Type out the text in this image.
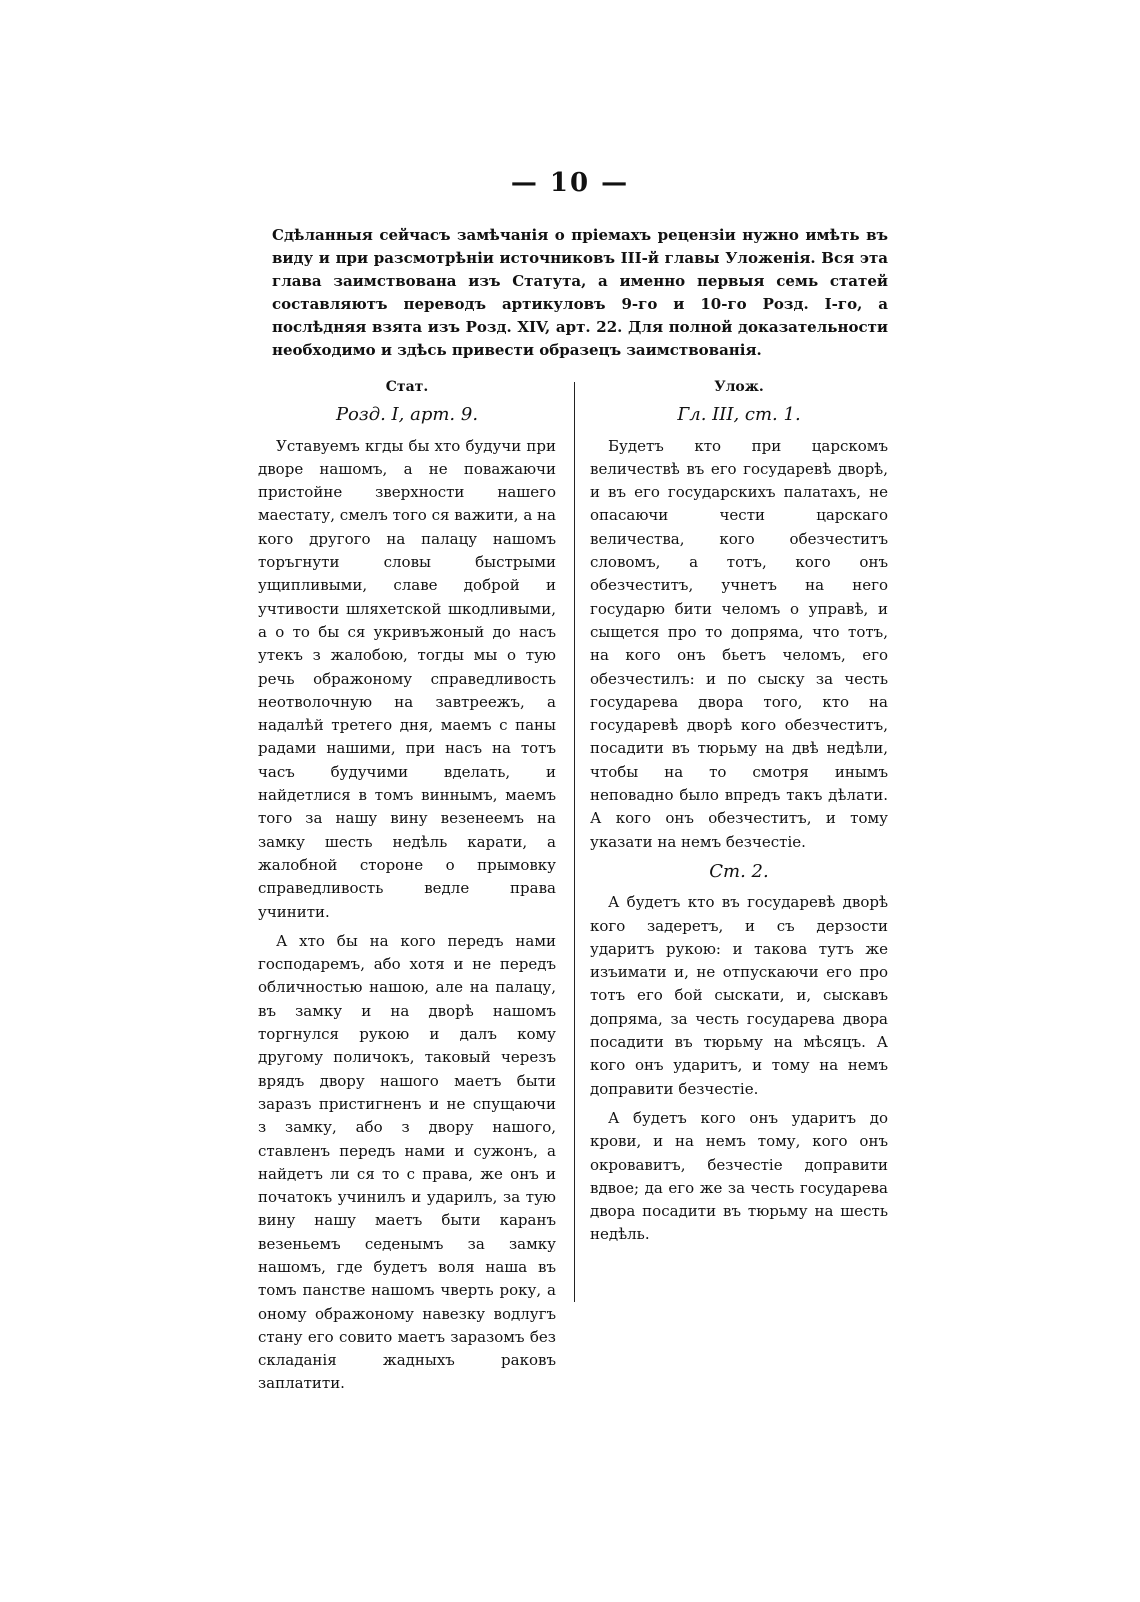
— 10 —

Сдѣланныя сейчасъ замѣчанія о пріемахъ рецензіи нужно имѣть въ виду и при разсмотрѣніи источниковъ III-й главы Уложенія. Вся эта глава заимствована изъ Статута, а именно первыя семь статей составляютъ переводъ артикуловъ 9-го и 10-го Розд. I-го, а послѣдняя взята изъ Розд. XIV, арт. 22. Для полной доказательности необходимо и здѣсь привести образецъ заимствованія.

Стат.
Розд. I, арт. 9.

Уставуемъ кгды бы хто будучи при дворе нашомъ, а не поважаючи пристойне зверхности нашего маестату, смелъ того ся важити, а на кого другого на палацу нашомъ торъгнути словы быстрыми ущипливыми, славе доброй и учтивости шляхетской шкодливыми, а о то бы ся укривъжоный до насъ утекъ з жалобою, тогды мы о тую речь ображоному справедливость неотволочную на завтреежъ, а надалѣй третего дня, маемъ с паны радами нашими, при насъ на тотъ часъ будучими вделать, и найдетлися в томъ виннымъ, маемъ того за нашу вину везенеемъ на замку шесть недѣль карати, а жалобной стороне о прымовку справедливость ведле права учинити.

А хто бы на кого передъ нами господаремъ, або хотя и не передъ обличностью нашою, але на палацу, въ замку и на дворѣ нашомъ торгнулся рукою и далъ кому другому поличокъ, таковый черезъ врядъ двору нашого маетъ быти заразъ пристигненъ и не спущаючи з замку, або з двору нашого, ставленъ передъ нами и сужонъ, а найдетъ ли ся то с права, же онъ и початокъ учинилъ и ударилъ, за тую вину нашу маетъ быти каранъ везеньемъ седенымъ за замку нашомъ, где будетъ воля наша въ томъ панстве нашомъ чверть року, а оному ображоному навезку водлугъ стану его совито маетъ заразомъ без складанія жадныхъ раковъ заплатити.

Улож.
Гл. III, ст. 1.

Будетъ кто при царскомъ величествѣ въ его государевѣ дворѣ, и въ его государскихъ палатахъ, не опасаючи чести царскаго величества, кого обезчеститъ словомъ, а тотъ, кого онъ обезчеститъ, учнетъ на него государю бити челомъ о управѣ, и сыщется про то допряма, что тотъ, на кого онъ бьетъ челомъ, его обезчестилъ: и по сыску за честь государева двора того, кто на государевѣ дворѣ кого обезчеститъ, посадити въ тюрьму на двѣ недѣли, чтобы на то смотря инымъ неповадно было впредъ такъ дѣлати. А кого онъ обезчеститъ, и тому указати на немъ безчестіе.

Ст. 2.

А будетъ кто въ государевѣ дворѣ кого задеретъ, и съ дерзости ударитъ рукою: и такова тутъ же изъимати и, не отпускаючи его про тотъ его бой сыскати, и, сыскавъ допряма, за честь государева двора посадити въ тюрьму на мѣсяцъ. А кого онъ ударитъ, и тому на немъ доправити безчестіе.

А будетъ кого онъ ударитъ до крови, и на немъ тому, кого онъ окровавитъ, безчестіе доправити вдвое; да его же за честь государева двора посадити въ тюрьму на шесть недѣль.
